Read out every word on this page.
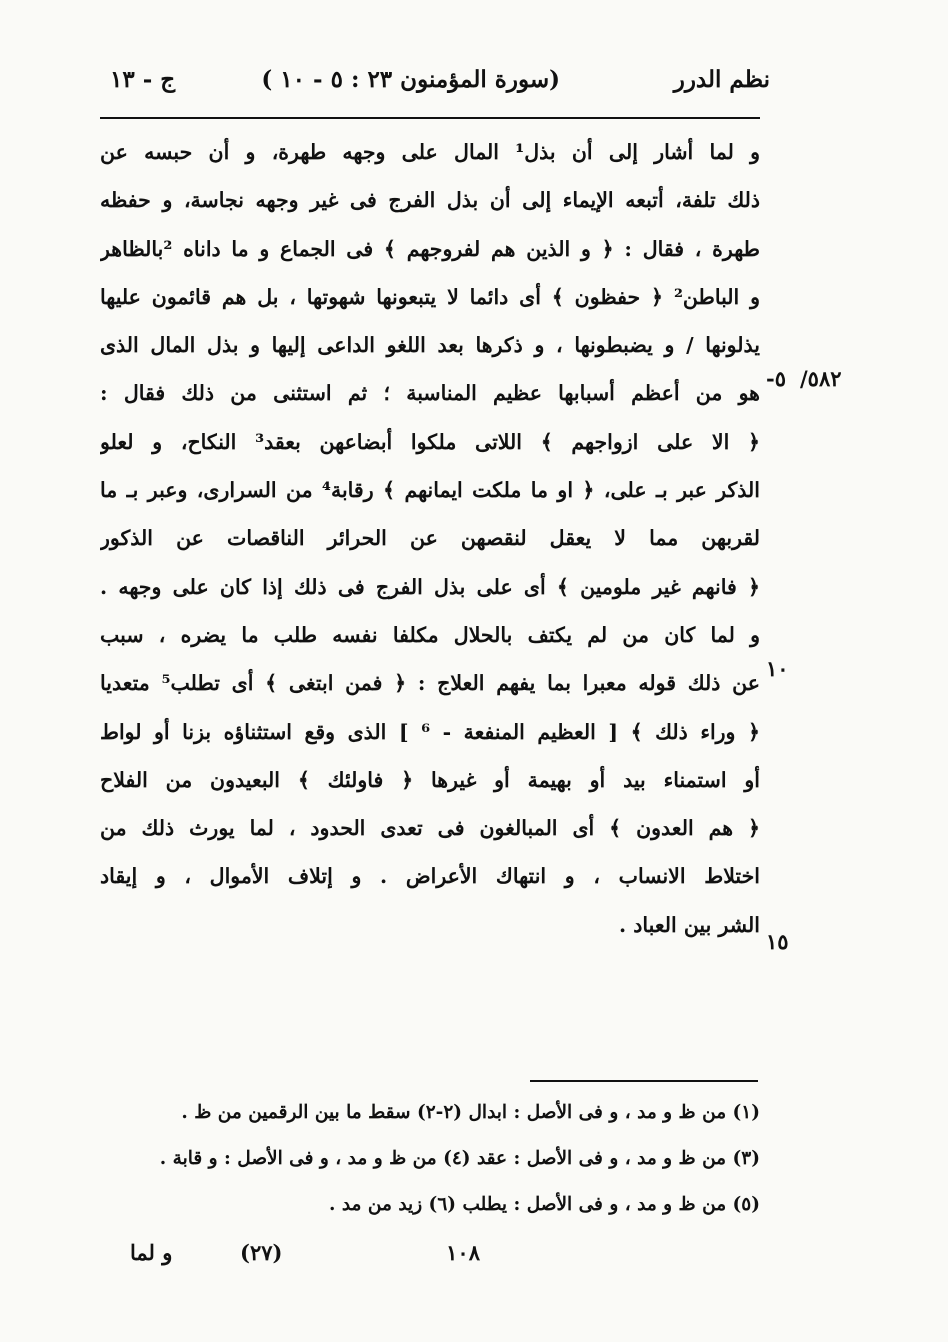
نظم الدرر
(سورة المؤمنون ٢٣ : ٥ - ١٠ )
ج - ١٣
و لما أشار إلى أن بذل¹ المال على وجهه طهرة، و أن حبسه عن
ذلك تلفة، أتبعه الإيماء إلى أن بذل الفرج فى غير وجهه نجاسة، و حفظه
طهرة ، فقال : ﴿ و الذين هم لفروجهم ﴾ فى الجماع و ما داناه ²بالظاهر
و الباطن² ﴿ حفظون ﴾ أى دائما لا يتبعونها شهوتها ، بل هم قائمون عليها
يذلونها / و يضبطونها ، و ذكرها بعد اللغو الداعى إليها و بذل المال الذى
هو من أعظم أسبابها عظيم المناسبة ؛ ثم استثنى من ذلك فقال :
﴿ الا على ازواجهم ﴾ اللاتى ملكوا أبضاعهن بعقد³ النكاح، و لعلو
الذكر عبر بـ على، ﴿ او ما ملكت ايمانهم ﴾ رقابة⁴ من السرارى، وعبر بـ ما
لقربهن مما لا يعقل لنقصهن عن الحرائر الناقصات عن الذكور
﴿ فانهم غير ملومين ﴾ أى على بذل الفرج فى ذلك إذا كان على وجهه .
و لما كان من لم يكتف بالحلال مكلفا نفسه طلب ما يضره ، سبب
عن ذلك قوله معبرا بما يفهم العلاج : ﴿ فمن ابتغى ﴾ أى تطلب⁵ متعديا
﴿ وراء ذلك ﴾ [ العظيم المنفعة - ⁶ ] الذى وقع استثناؤه بزنا أو لواط
أو استمناء بيد أو بهيمة أو غيرها ﴿ فاولئك ﴾ البعيدون من الفلاح
﴿ هم العدون ﴾ أى المبالغون فى تعدى الحدود ، لما يورث ذلك من
اختلاط الانساب ، و انتهاك الأعراض . و إتلاف الأموال ، و إيقاد
الشر بين العباد .
٥٨٢/
٥-
١٠
١٥
(١) من ظ و مد ، و فى الأصل : ابدال (٢-٢) سقط ما بين الرقمين من ظ .
(٣) من ظ و مد ، و فى الأصل : عقد (٤) من ظ و مد ، و فى الأصل : و قابة .
(٥) من ظ و مد ، و فى الأصل : يطلب (٦) زيد من مد .
١٠٨
(٢٧)
و لما
